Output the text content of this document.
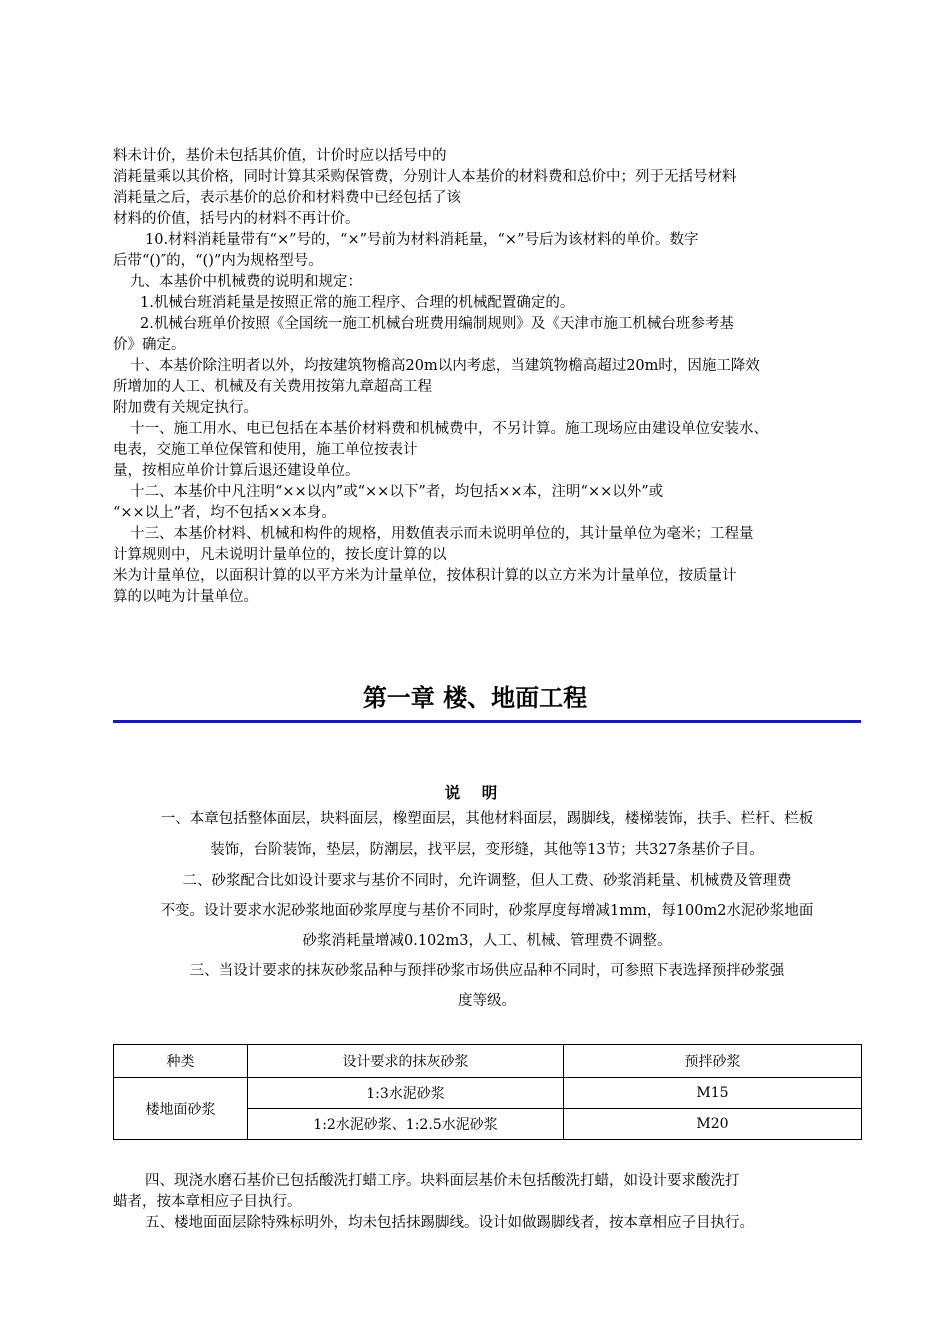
料未计价，基价未包括其价值，计价时应以括号中的
消耗量乘以其价格，同时计算其采购保管费，分别计人本基价的材料费和总价中；列于无括号材料
消耗量之后，表示基价的总价和材料费中已经包括了该
材料的价值，括号内的材料不再计价。
10.材料消耗量带有“×”号的，“×”号前为材料消耗量，“×”号后为该材料的单价。数字
后带“()″的，“()”内为规格型号。
九、本基价中机械费的说明和规定：
1.机械台班消耗量是按照正常的施工程序、合理的机械配置确定的。
2.机械台班单价按照《全国统一施工机械台班费用编制规则》及《天津市施工机械台班参考基
价》确定。
十、本基价除注明者以外，均按建筑物檐高20m以内考虑，当建筑物檐高超过20m时，因施工降效
所增加的人工、机械及有关费用按第九章超高工程
附加费有关规定执行。
十一、施工用水、电已包括在本基价材料费和机械费中，不另计算。施工现场应由建设单位安装水、
电表，交施工单位保管和使用，施工单位按表计
量，按相应单价计算后退还建设单位。
十二、本基价中凡注明“××以内”或“××以下”者，均包括××本，注明“××以外”或
“××以上”者，均不包括××本身。
十三、本基价材料、机械和构件的规格，用数值表示而未说明单位的，其计量单位为毫米；工程量
计算规则中，凡未说明计量单位的，按长度计算的以
米为计量单位，以面积计算的以平方米为计量单位，按体积计算的以立方米为计量单位，按质量计
算的以吨为计量单位。
第一章 楼、地面工程
说 明
一、本章包括整体面层，块料面层，橡塑面层，其他材料面层，踢脚线，楼梯装饰，扶手、栏杆、栏板
装饰，台阶装饰，垫层，防潮层，找平层，变形缝，其他等13节；共327条基价子目。
二、砂浆配合比如设计要求与基价不同时，允许调整，但人工费、砂浆消耗量、机械费及管理费
不变。设计要求水泥砂浆地面砂浆厚度与基价不同时，砂浆厚度每增减1mm，每100m2水泥砂浆地面
砂浆消耗量增减0.102m3，人工、机械、管理费不调整。
三、当设计要求的抹灰砂浆品种与预拌砂浆市场供应品种不同时，可参照下表选择预拌砂浆强
度等级。
种类	设计要求的抹灰砂浆	预拌砂浆
楼地面砂浆	1:3水泥砂浆	M15
	1:2水泥砂浆、1:2.5水泥砂浆	M20
四、现浇水磨石基价已包括酸洗打蜡工序。块料面层基价未包括酸洗打蜡，如设计要求酸洗打
蜡者，按本章相应子目执行。
五、楼地面面层除特殊标明外，均未包括抹踢脚线。设计如做踢脚线者，按本章相应子目执行。
